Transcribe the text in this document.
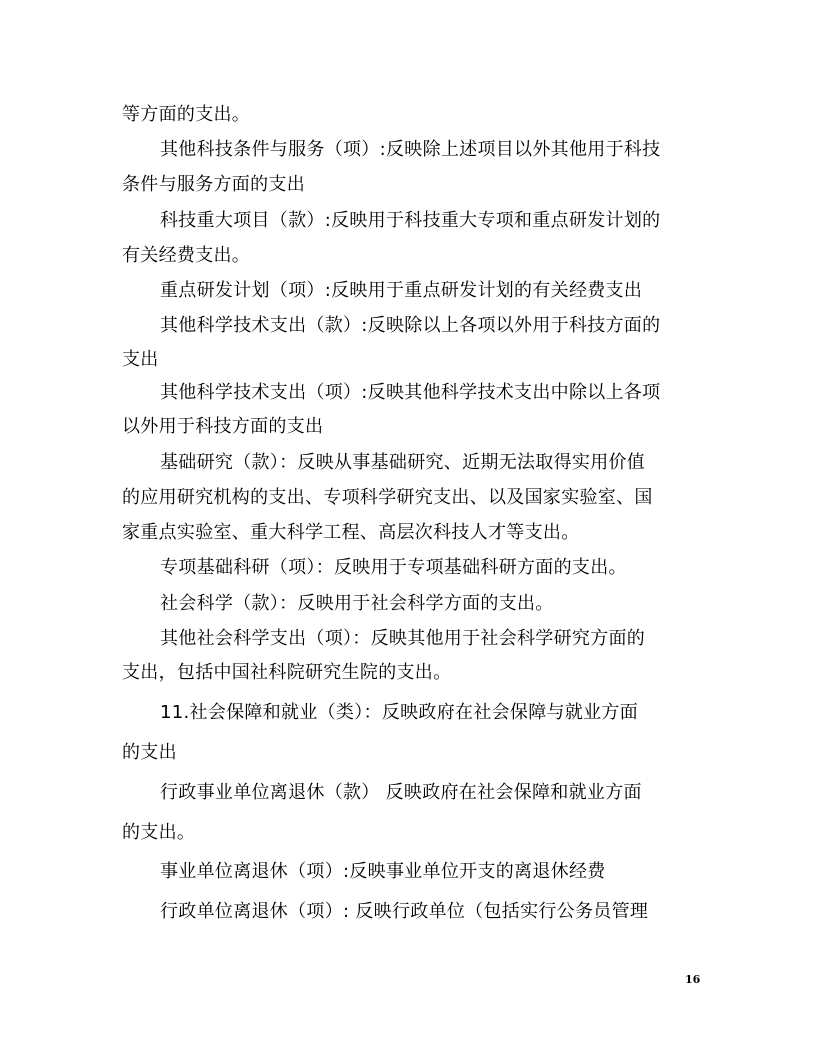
等方面的支出。
其他科技条件与服务（项）:反映除上述项目以外其他用于科技
条件与服务方面的支出
科技重大项目（款）:反映用于科技重大专项和重点研发计划的
有关经费支出。
重点研发计划（项）:反映用于重点研发计划的有关经费支出
其他科学技术支出（款）:反映除以上各项以外用于科技方面的
支出
其他科学技术支出（项）:反映其他科学技术支出中除以上各项
以外用于科技方面的支出
基础研究（款）：反映从事基础研究、近期无法取得实用价值
的应用研究机构的支出、专项科学研究支出、以及国家实验室、国
家重点实验室、重大科学工程、高层次科技人才等支出。
专项基础科研（项）：反映用于专项基础科研方面的支出。
社会科学（款）：反映用于社会科学方面的支出。
其他社会科学支出（项）：反映其他用于社会科学研究方面的
支出，包括中国社科院研究生院的支出。
11.社会保障和就业（类）：反映政府在社会保障与就业方面
的支出
行政事业单位离退休（款） 反映政府在社会保障和就业方面
的支出。
事业单位离退休（项）:反映事业单位开支的离退休经费
行政单位离退休（项）: 反映行政单位（包括实行公务员管理
16
